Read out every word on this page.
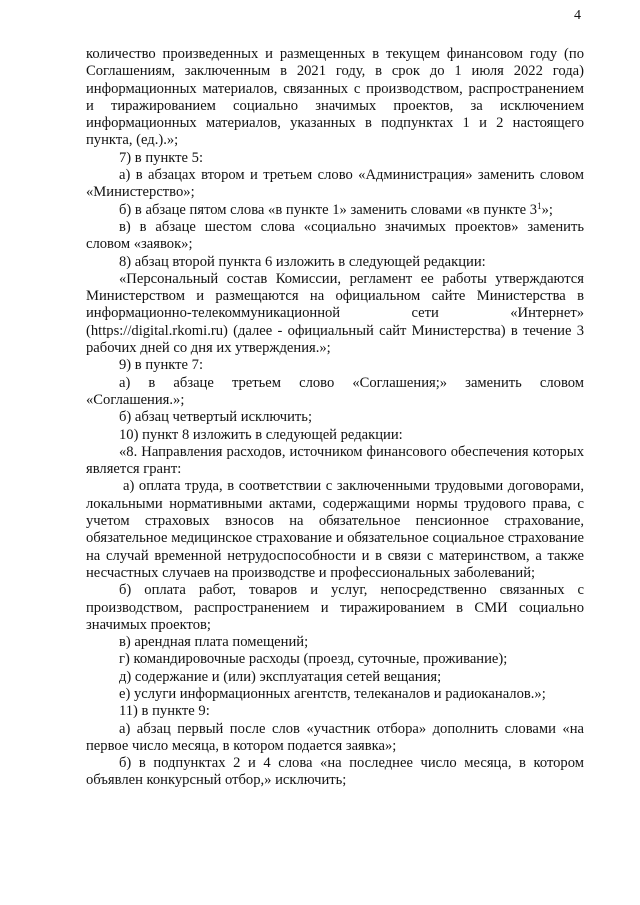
4

количество произведенных и размещенных в текущем финансовом году (по Соглашениям, заключенным в 2021 году, в срок до 1 июля 2022 года) информационных материалов, связанных с производством, распространением и тиражированием социально значимых проектов, за исключением информационных материалов, указанных в подпунктах 1 и 2 настоящего пункта, (ед.).»;

7) в пункте 5:

а) в абзацах втором и третьем слово «Администрация» заменить словом «Министерство»;

б) в абзаце пятом слова «в пункте 1» заменить словами «в пункте $3^1$»;

в) в абзаце шестом слова «социально значимых проектов» заменить словом «заявок»;

8) абзац второй пункта 6 изложить в следующей редакции:

«Персональный состав Комиссии, регламент ее работы утверждаются Министерством и размещаются на официальном сайте Министерства в информационно-телекоммуникационной сети «Интернет» (https://digital.rkomi.ru) (далее - официальный сайт Министерства) в течение 3 рабочих дней со дня их утверждения.»;

9) в пункте 7:

а) в абзаце третьем слово «Соглашения;» заменить словом «Соглашения.»;

б) абзац четвертый исключить;

10) пункт 8 изложить в следующей редакции:

«8. Направления расходов, источником финансового обеспечения которых является грант:

а) оплата труда, в соответствии с заключенными трудовыми договорами, локальными нормативными актами, содержащими нормы трудового права, с учетом страховых взносов на обязательное пенсионное страхование, обязательное медицинское страхование и обязательное социальное страхование на случай временной нетрудоспособности и в связи с материнством, а также несчастных случаев на производстве и профессиональных заболеваний;

б) оплата работ, товаров и услуг, непосредственно связанных с производством, распространением и тиражированием в СМИ социально значимых проектов;

в) арендная плата помещений;

г) командировочные расходы (проезд, суточные, проживание);

д) содержание и (или) эксплуатация сетей вещания;

е) услуги информационных агентств, телеканалов и радиоканалов.»;

11) в пункте 9:

а) абзац первый после слов «участник отбора» дополнить словами «на первое число месяца, в котором подается заявка»;

б) в подпунктах 2 и 4 слова «на последнее число месяца, в котором объявлен конкурсный отбор,» исключить;
